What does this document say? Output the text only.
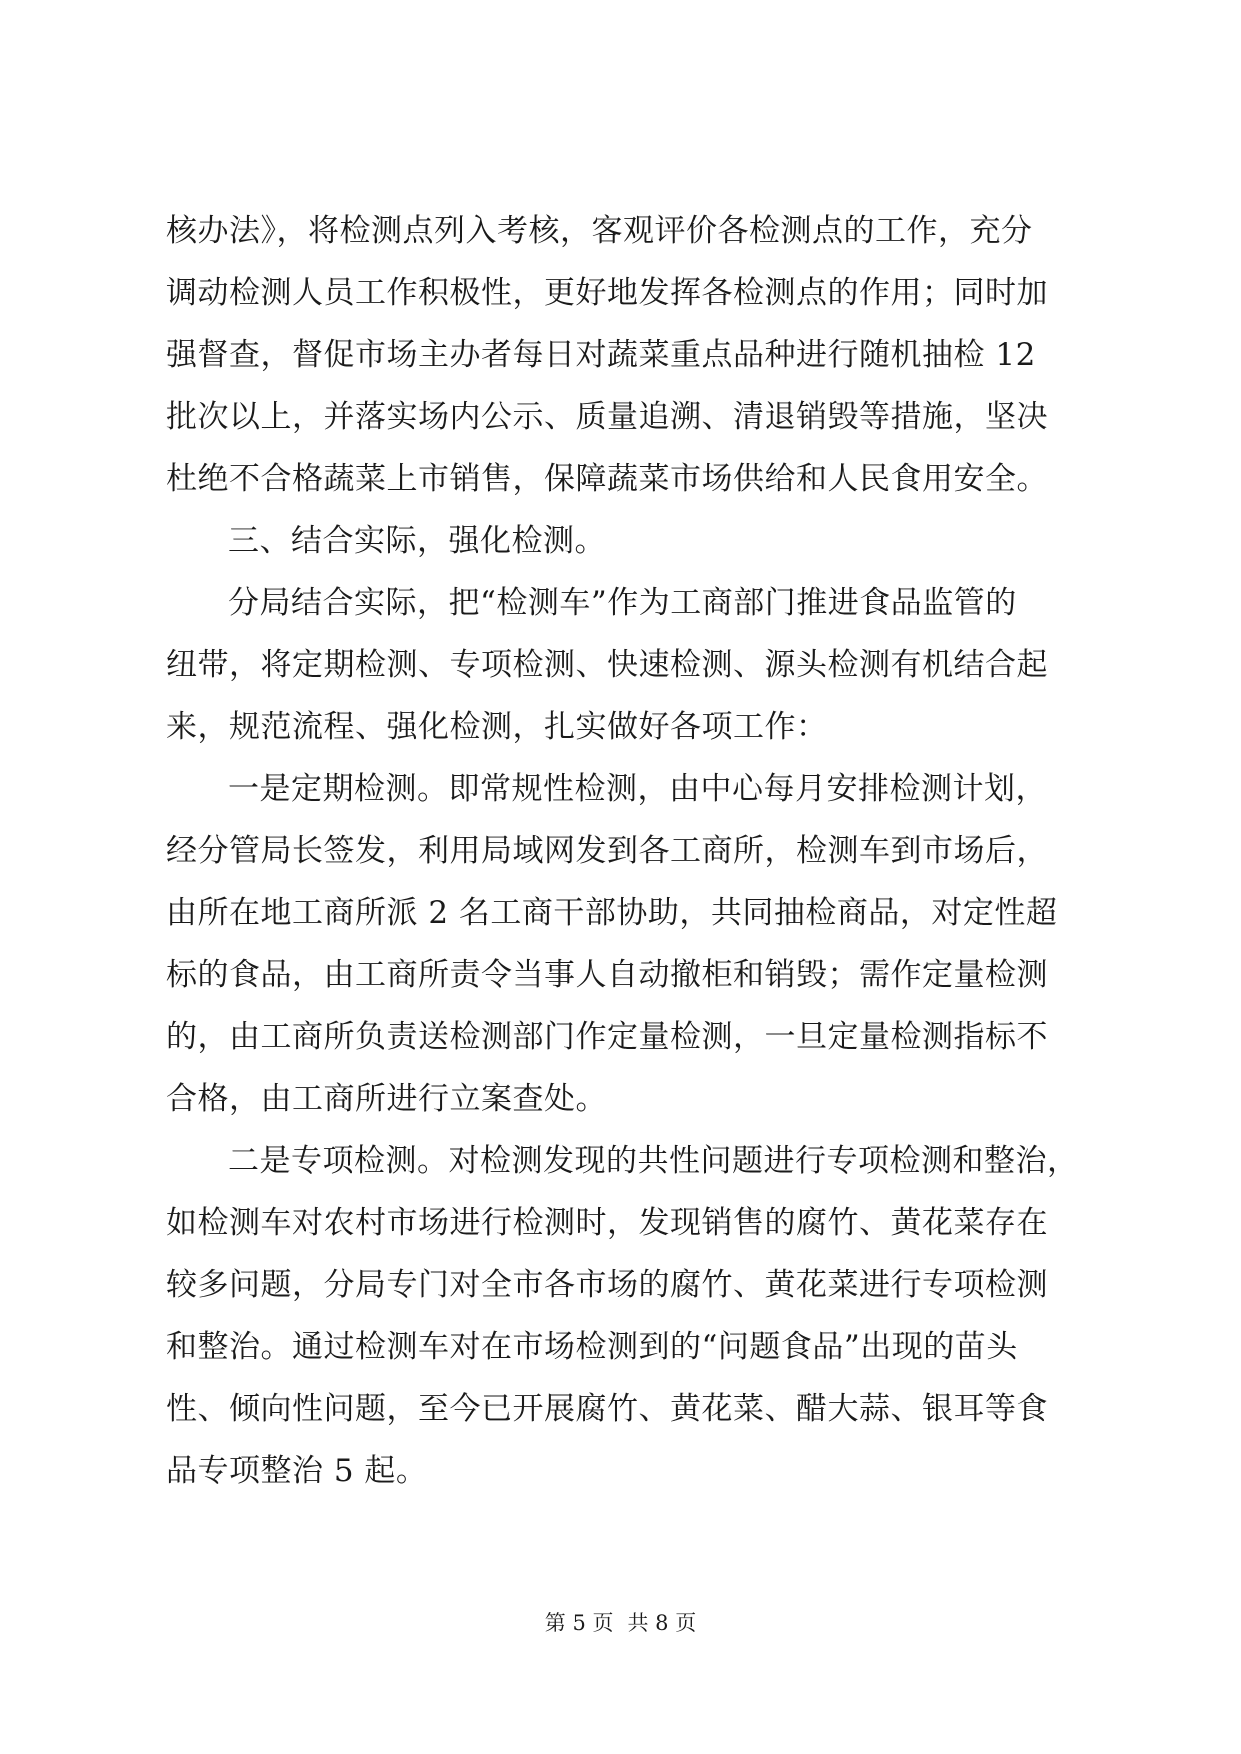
核办法》，将检测点列入考核，客观评价各检测点的工作，充分
调动检测人员工作积极性，更好地发挥各检测点的作用；同时加
强督查，督促市场主办者每日对蔬菜重点品种进行随机抽检 12
批次以上，并落实场内公示、质量追溯、清退销毁等措施，坚决
杜绝不合格蔬菜上市销售，保障蔬菜市场供给和人民食用安全。
三、结合实际，强化检测。
分局结合实际，把“检测车”作为工商部门推进食品监管的
纽带，将定期检测、专项检测、快速检测、源头检测有机结合起
来，规范流程、强化检测，扎实做好各项工作：
一是定期检测。即常规性检测，由中心每月安排检测计划，
经分管局长签发，利用局域网发到各工商所，检测车到市场后，
由所在地工商所派 2 名工商干部协助，共同抽检商品，对定性超
标的食品，由工商所责令当事人自动撤柜和销毁；需作定量检测
的，由工商所负责送检测部门作定量检测，一旦定量检测指标不
合格，由工商所进行立案查处。
二是专项检测。对检测发现的共性问题进行专项检测和整治，
如检测车对农村市场进行检测时，发现销售的腐竹、黄花菜存在
较多问题，分局专门对全市各市场的腐竹、黄花菜进行专项检测
和整治。通过检测车对在市场检测到的“问题食品”出现的苗头
性、倾向性问题，至今已开展腐竹、黄花菜、醋大蒜、银耳等食
品专项整治 5 起。
第 5 页 共 8 页
